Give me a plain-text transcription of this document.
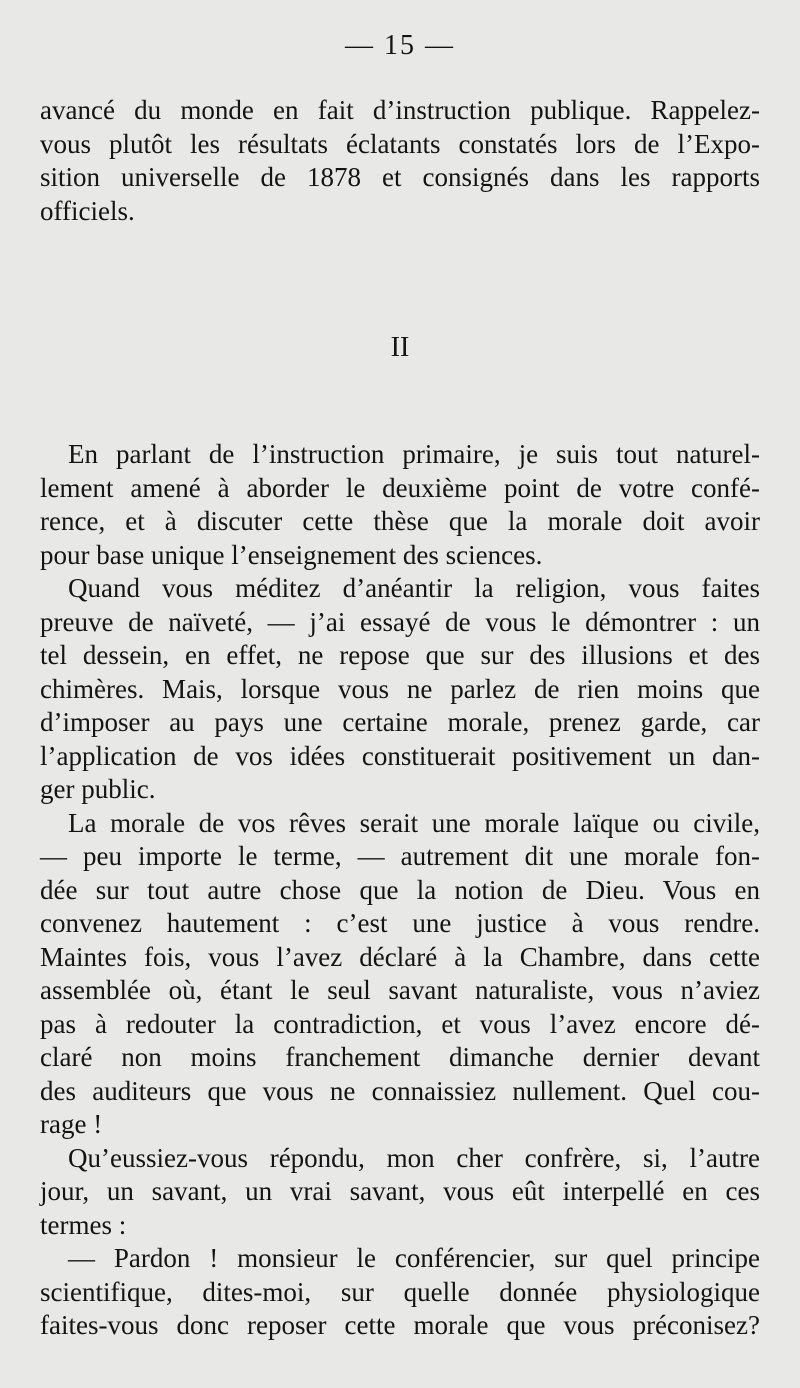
— 15 —
avancé du monde en fait d’instruction publique. Rappelez-
vous plutôt les résultats éclatants constatés lors de l’Expo-
sition universelle de 1878 et consignés dans les rapports
officiels.
II
En parlant de l’instruction primaire, je suis tout naturel-
lement amené à aborder le deuxième point de votre confé-
rence, et à discuter cette thèse que la morale doit avoir
pour base unique l’enseignement des sciences.
Quand vous méditez d’anéantir la religion, vous faites
preuve de naïveté, — j’ai essayé de vous le démontrer : un
tel dessein, en effet, ne repose que sur des illusions et des
chimères. Mais, lorsque vous ne parlez de rien moins que
d’imposer au pays une certaine morale, prenez garde, car
l’application de vos idées constituerait positivement un dan-
ger public.
La morale de vos rêves serait une morale laïque ou civile,
— peu importe le terme, — autrement dit une morale fon-
dée sur tout autre chose que la notion de Dieu. Vous en
convenez hautement : c’est une justice à vous rendre.
Maintes fois, vous l’avez déclaré à la Chambre, dans cette
assemblée où, étant le seul savant naturaliste, vous n’aviez
pas à redouter la contradiction, et vous l’avez encore dé-
claré non moins franchement dimanche dernier devant
des auditeurs que vous ne connaissiez nullement. Quel cou-
rage !
Qu’eussiez-vous répondu, mon cher confrère, si, l’autre
jour, un savant, un vrai savant, vous eût interpellé en ces
termes :
— Pardon ! monsieur le conférencier, sur quel principe
scientifique, dites-moi, sur quelle donnée physiologique
faites-vous donc reposer cette morale que vous préconisez?
